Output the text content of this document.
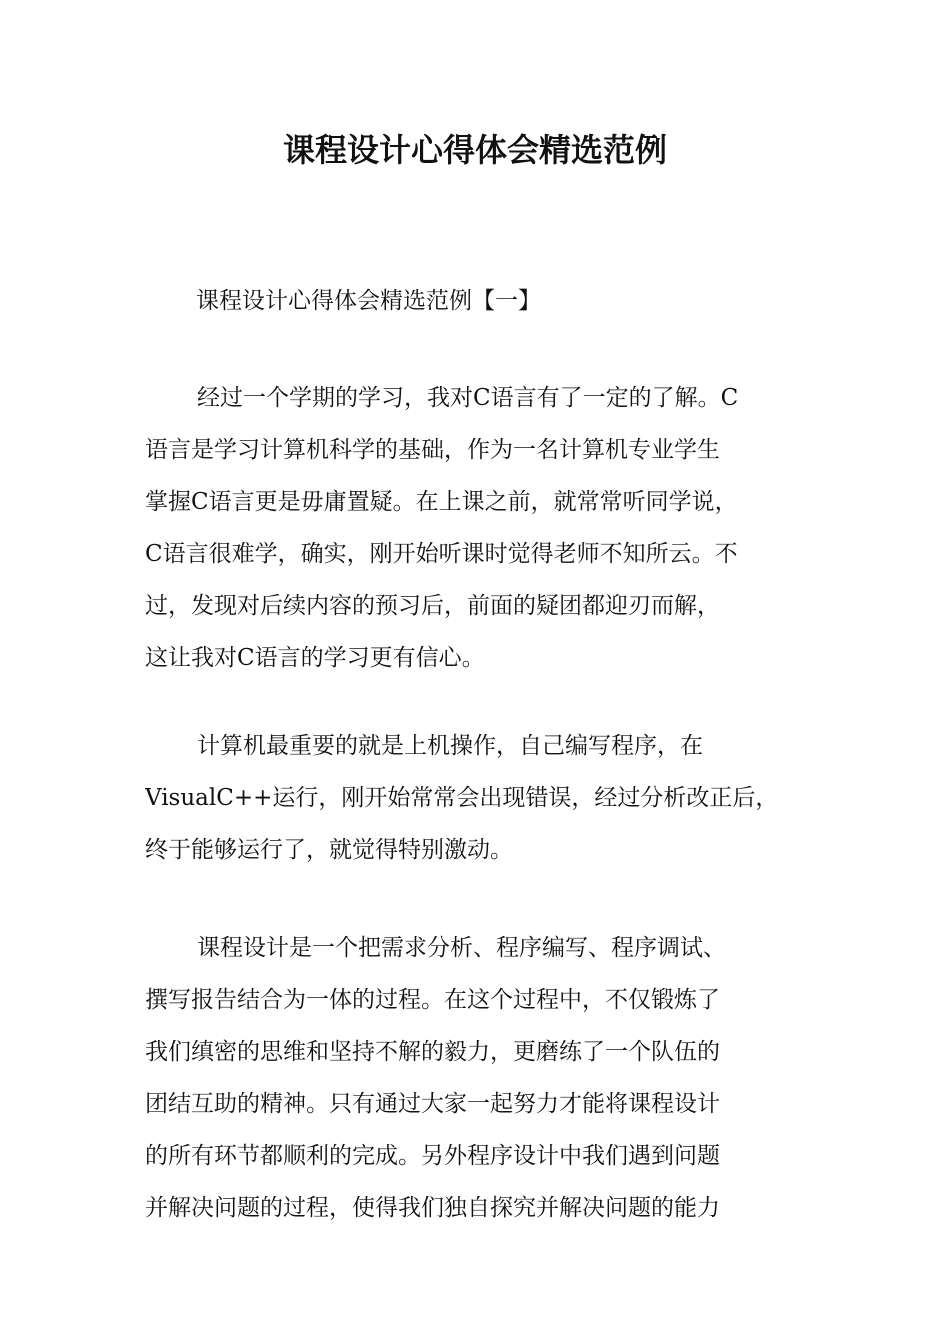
课程设计心得体会精选范例

课程设计心得体会精选范例【一】

经过一个学期的学习，我对C语言有了一定的了解。C
语言是学习计算机科学的基础，作为一名计算机专业学生
掌握C语言更是毋庸置疑。在上课之前，就常常听同学说，
C语言很难学，确实，刚开始听课时觉得老师不知所云。不
过，发现对后续内容的预习后，前面的疑团都迎刃而解，
这让我对C语言的学习更有信心。
计算机最重要的就是上机操作，自己编写程序，在
VisualC++运行，刚开始常常会出现错误，经过分析改正后，
终于能够运行了，就觉得特别激动。
课程设计是一个把需求分析、程序编写、程序调试、
撰写报告结合为一体的过程。在这个过程中，不仅锻炼了
我们缜密的思维和坚持不解的毅力，更磨练了一个队伍的
团结互助的精神。只有通过大家一起努力才能将课程设计
的所有环节都顺利的完成。另外程序设计中我们遇到问题
并解决问题的过程，使得我们独自探究并解决问题的能力
